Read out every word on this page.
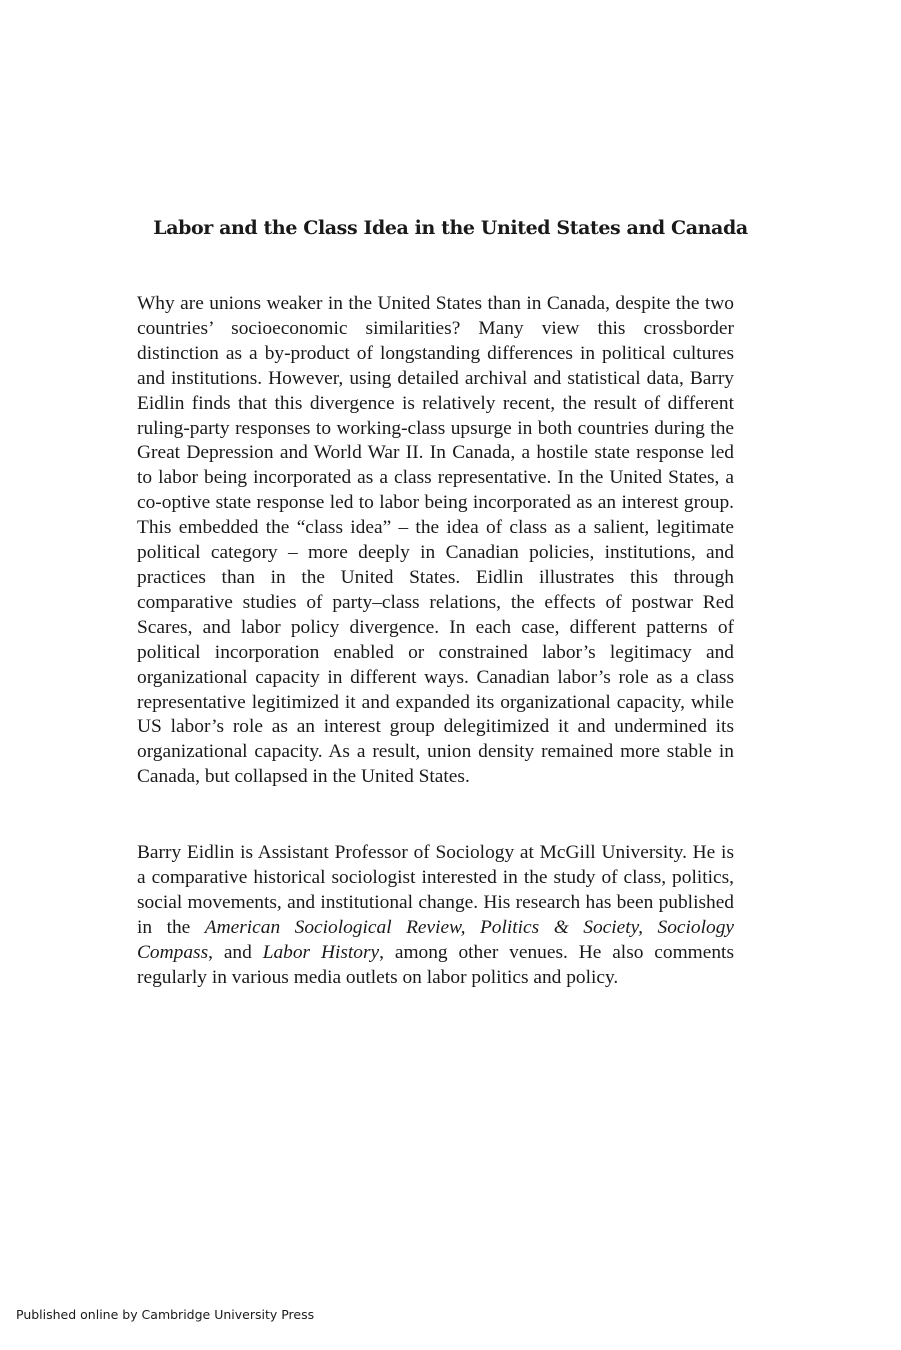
Labor and the Class Idea in the United States and Canada

Why are unions weaker in the United States than in Canada, despite the two countries’ socioeconomic similarities? Many view this crossborder distinction as a by-product of longstanding differences in political cultures and institutions. However, using detailed archival and statistical data, Barry Eidlin finds that this divergence is relatively recent, the result of different ruling-party responses to working-class upsurge in both countries during the Great Depression and World War II. In Canada, a hostile state response led to labor being incorporated as a class representative. In the United States, a co-optive state response led to labor being incorporated as an interest group. This embedded the “class idea” – the idea of class as a salient, legitimate political category – more deeply in Canadian policies, institutions, and practices than in the United States. Eidlin illustrates this through comparative studies of party–class relations, the effects of postwar Red Scares, and labor policy divergence. In each case, different patterns of political incorporation enabled or constrained labor’s legitimacy and organizational capacity in different ways. Canadian labor’s role as a class representative legitimized it and expanded its organizational capacity, while US labor’s role as an interest group delegitimized it and undermined its organizational capacity. As a result, union density remained more stable in Canada, but collapsed in the United States.

Barry Eidlin is Assistant Professor of Sociology at McGill University. He is a comparative historical sociologist interested in the study of class, politics, social movements, and institutional change. His research has been published in the American Sociological Review, Politics & Society, Sociology Compass, and Labor History, among other venues. He also comments regularly in various media outlets on labor politics and policy.

Published online by Cambridge University Press
